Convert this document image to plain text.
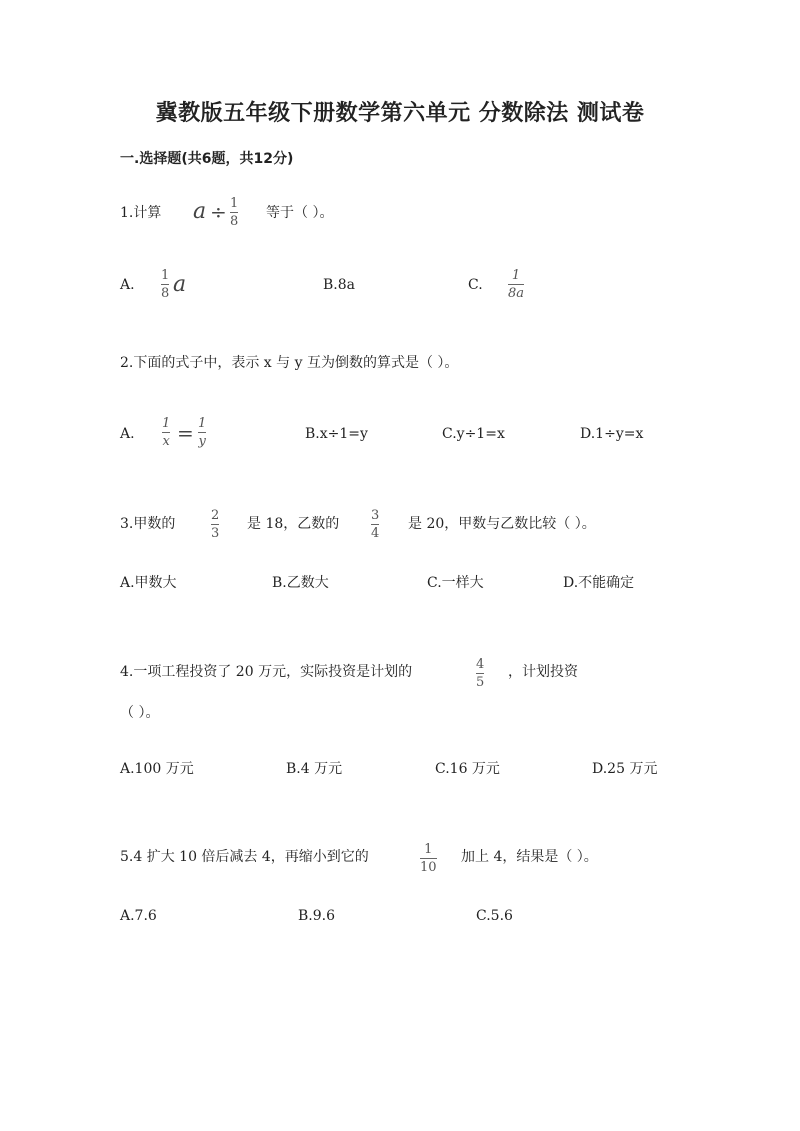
冀教版五年级下册数学第六单元 分数除法 测试卷
一.选择题(共6题，共12分)
1.计算 a ÷ 1
8
等于（ ）。
A.
1
8 a	B.8a	C.
1
8a
2.下面的式子中，表示 x 与 y 互为倒数的算式是（ ）。
A.
1
x = 1
y	B.x÷1=y	C.y÷1=x	D.1÷y=x
3.甲数的
2
3
是 18，乙数的
3
4
是 20，甲数与乙数比较（ ）。
A.甲数大	B.乙数大	C.一样大	D.不能确定
4.一项工程投资了 20 万元，实际投资是计划的	4
5
，计划投资
（ ）。
A.100 万元	B.4 万元	C.16 万元	D.25 万元
5.4 扩大 10 倍后减去 4，再缩小到它的	1
10
加上 4，结果是（ ）。
A.7.6	B.9.6	C.5.6
